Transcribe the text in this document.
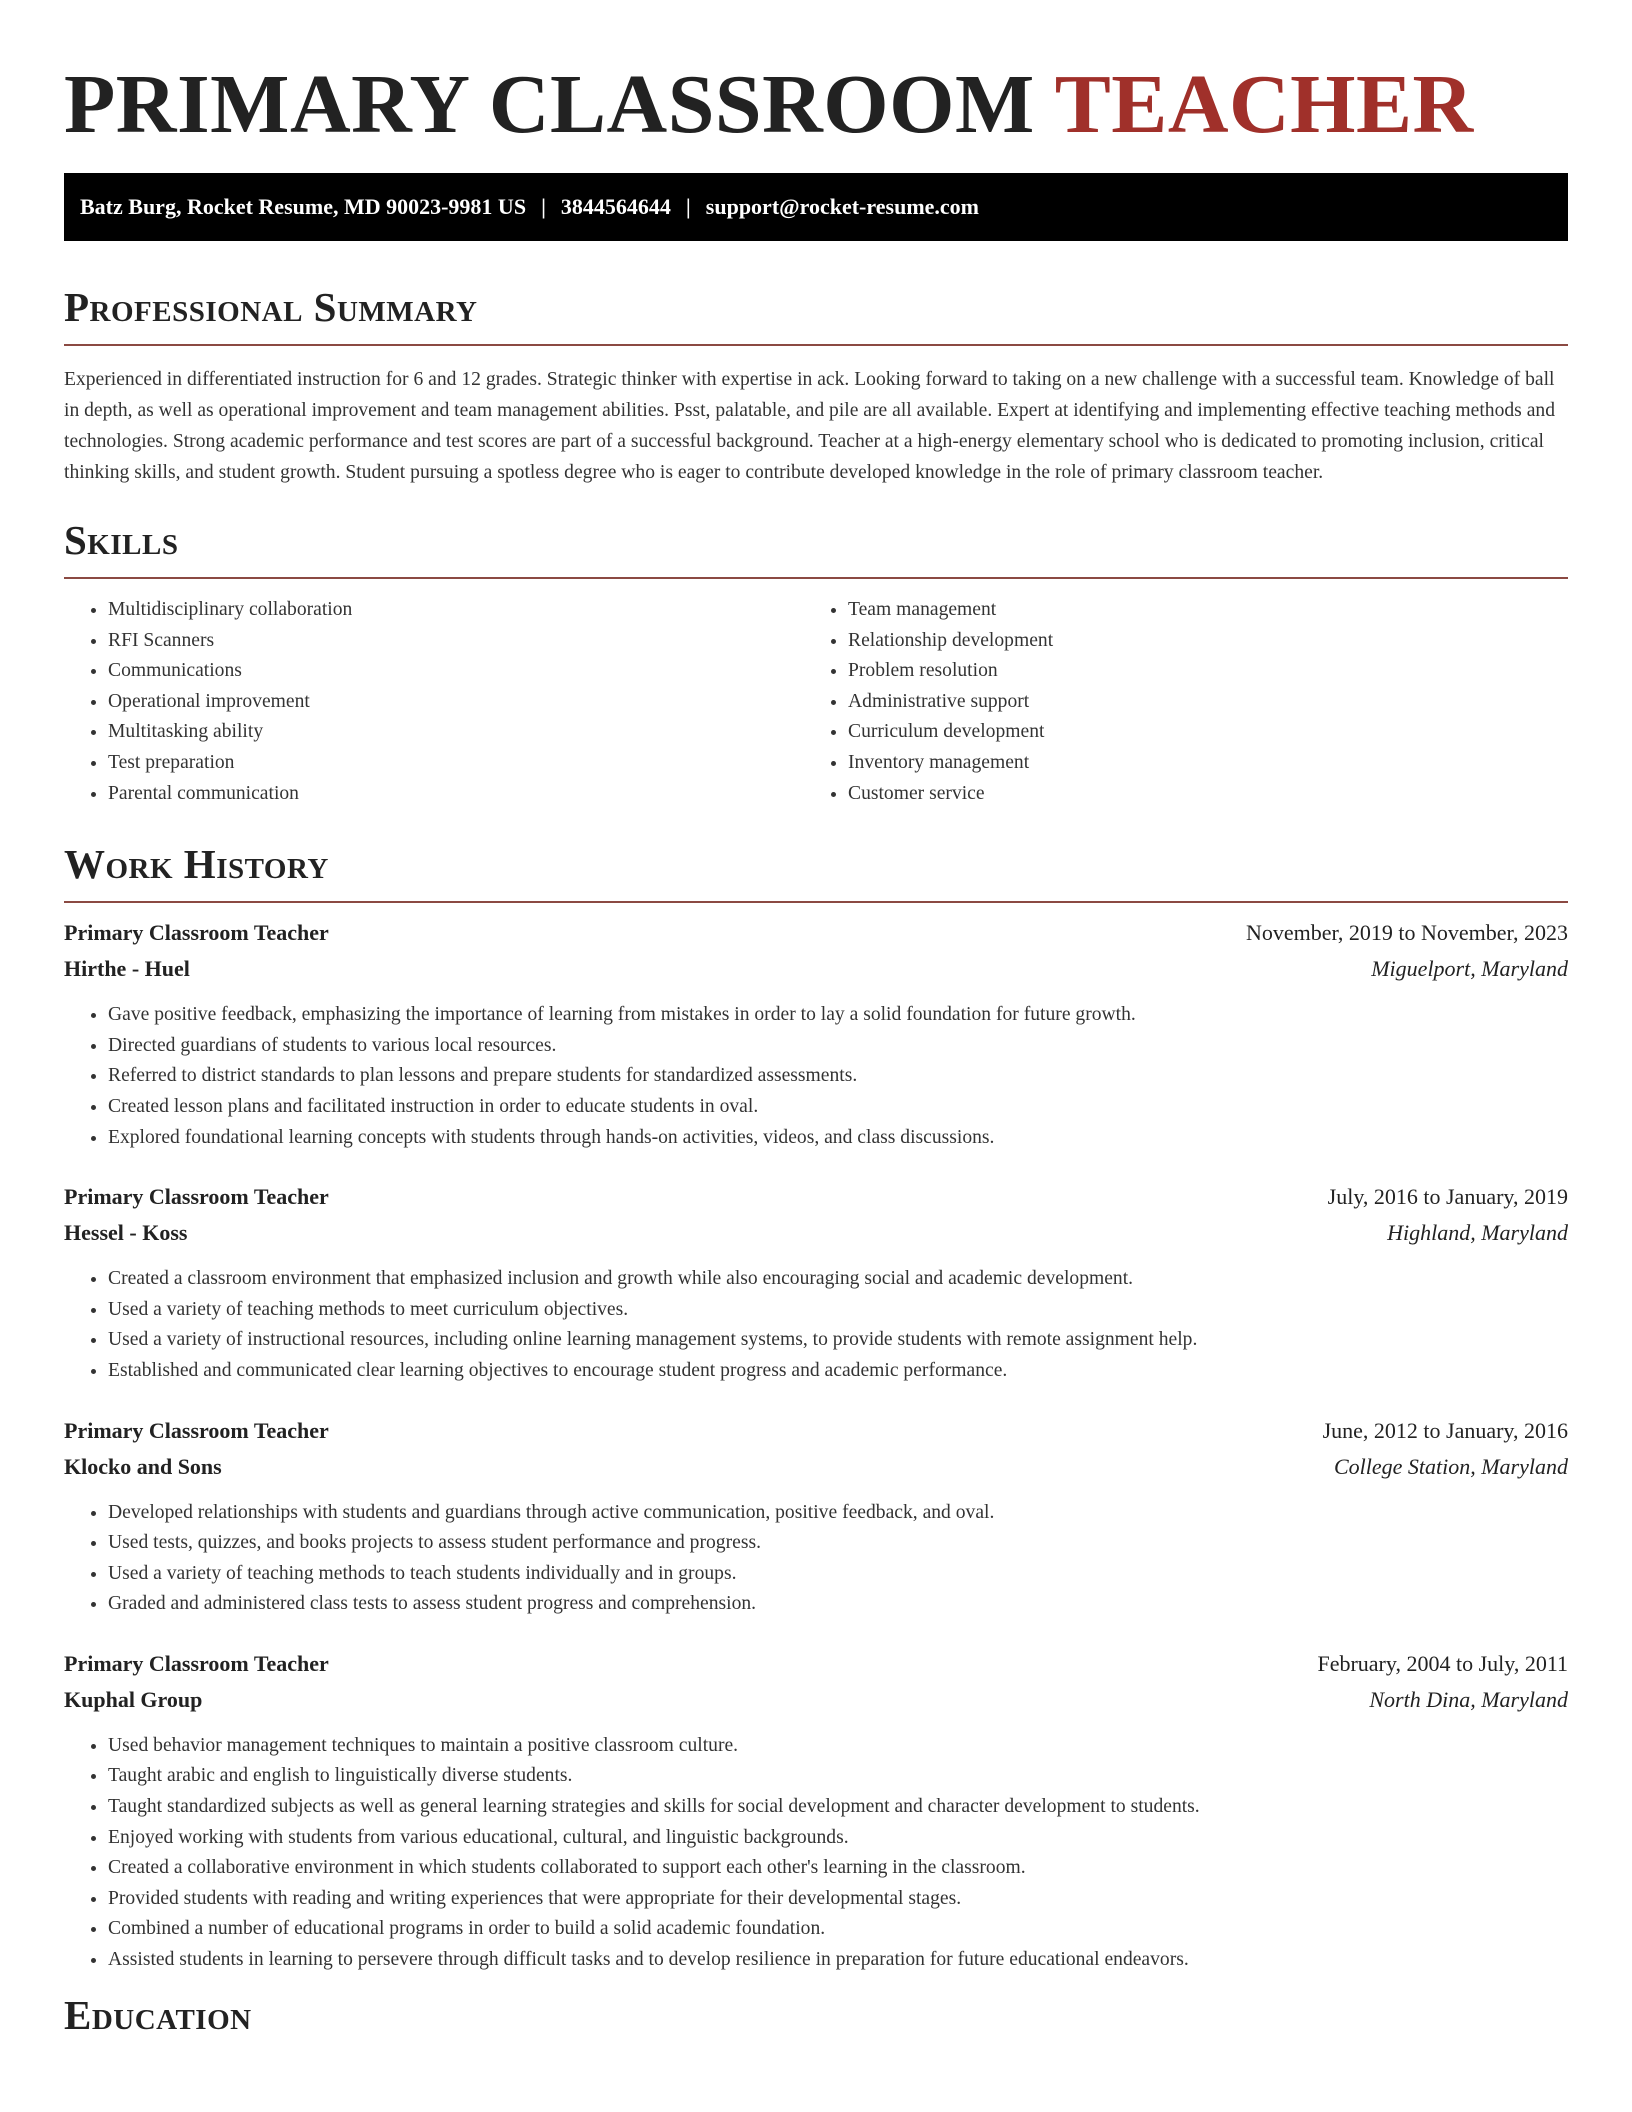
PRIMARY CLASSROOM TEACHER
Batz Burg, Rocket Resume, MD 90023-9981 US | 3844564644 | support@rocket-resume.com
Professional Summary

Experienced in differentiated instruction for 6 and 12 grades. Strategic thinker with expertise in ack. Looking forward to taking on a new challenge with a successful team. Knowledge of ball in depth, as well as operational improvement and team management abilities. Psst, palatable, and pile are all available. Expert at identifying and implementing effective teaching methods and technologies. Strong academic performance and test scores are part of a successful background. Teacher at a high-energy elementary school who is dedicated to promoting inclusion, critical thinking skills, and student growth. Student pursuing a spotless degree who is eager to contribute developed knowledge in the role of primary classroom teacher.

Skills
• Multidisciplinary collaboration
• RFI Scanners
• Communications
• Operational improvement
• Multitasking ability
• Test preparation
• Parental communication
• Team management
• Relationship development
• Problem resolution
• Administrative support
• Curriculum development
• Inventory management
• Customer service
Work History
Primary Classroom Teacher	November, 2019 to November, 2023
Hirthe - Huel	Miguelport, Maryland
• Gave positive feedback, emphasizing the importance of learning from mistakes in order to lay a solid foundation for future growth.
• Directed guardians of students to various local resources.
• Referred to district standards to plan lessons and prepare students for standardized assessments.
• Created lesson plans and facilitated instruction in order to educate students in oval.
• Explored foundational learning concepts with students through hands-on activities, videos, and class discussions.
Primary Classroom Teacher	July, 2016 to January, 2019
Hessel - Koss	Highland, Maryland
• Created a classroom environment that emphasized inclusion and growth while also encouraging social and academic development.
• Used a variety of teaching methods to meet curriculum objectives.
• Used a variety of instructional resources, including online learning management systems, to provide students with remote assignment help.
• Established and communicated clear learning objectives to encourage student progress and academic performance.
Primary Classroom Teacher	June, 2012 to January, 2016
Klocko and Sons	College Station, Maryland
• Developed relationships with students and guardians through active communication, positive feedback, and oval.
• Used tests, quizzes, and books projects to assess student performance and progress.
• Used a variety of teaching methods to teach students individually and in groups.
• Graded and administered class tests to assess student progress and comprehension.
Primary Classroom Teacher	February, 2004 to July, 2011
Kuphal Group	North Dina, Maryland
• Used behavior management techniques to maintain a positive classroom culture.
• Taught arabic and english to linguistically diverse students.
• Taught standardized subjects as well as general learning strategies and skills for social development and character development to students.
• Enjoyed working with students from various educational, cultural, and linguistic backgrounds.
• Created a collaborative environment in which students collaborated to support each other's learning in the classroom.
• Provided students with reading and writing experiences that were appropriate for their developmental stages.
• Combined a number of educational programs in order to build a solid academic foundation.
• Assisted students in learning to persevere through difficult tasks and to develop resilience in preparation for future educational endeavors.
Education
